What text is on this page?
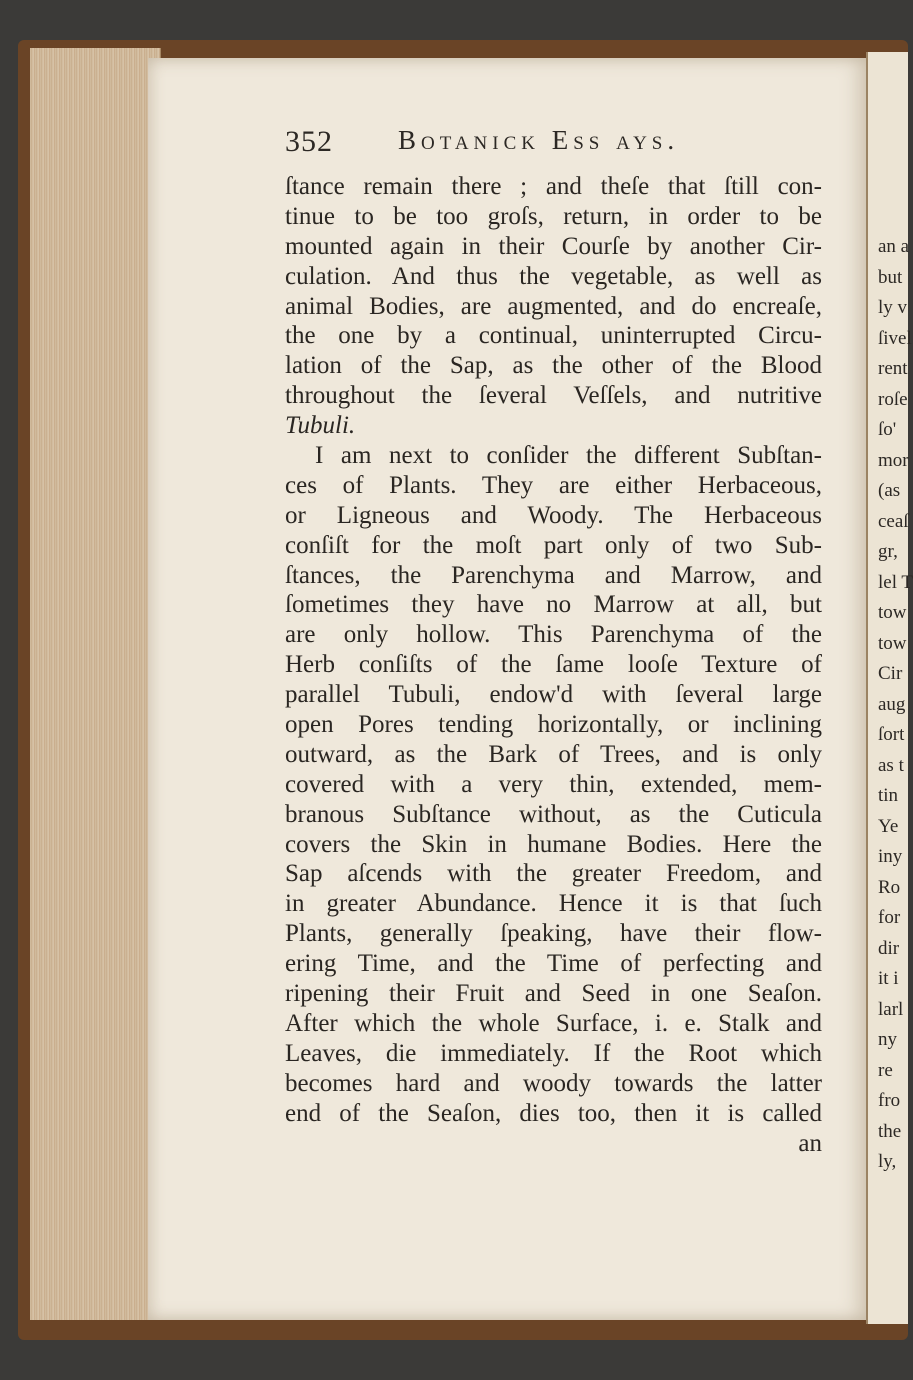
an a
but
ly v
ſivel
rent
roſe
ſo'
mor
(as
ceaſ
gr,
lel T
tow
tow
Cir
aug
ſort
as t
tin
Ye
iny
Ro
for
dir
it i
larl
ny
re
fro
the
ly,
352 Botanick Ess ays.
ſtance remain there ; and theſe that ſtill con-
tinue to be too groſs, return, in order to be
mounted again in their Courſe by another Cir-
culation. And thus the vegetable, as well as
animal Bodies, are augmented, and do encreaſe,
the one by a continual, uninterrupted Circu-
lation of the Sap, as the other of the Blood
throughout the ſeveral Veſſels, and nutritive
Tubuli.
I am next to conſider the different Subſtan-
ces of Plants. They are either Herbaceous,
or Ligneous and Woody. The Herbaceous
conſiſt for the moſt part only of two Sub-
ſtances, the Parenchyma and Marrow, and
ſometimes they have no Marrow at all, but
are only hollow. This Parenchyma of the
Herb conſiſts of the ſame looſe Texture of
parallel Tubuli, endow'd with ſeveral large
open Pores tending horizontally, or inclining
outward, as the Bark of Trees, and is only
covered with a very thin, extended, mem-
branous Subſtance without, as the Cuticula
covers the Skin in humane Bodies. Here the
Sap aſcends with the greater Freedom, and
in greater Abundance. Hence it is that ſuch
Plants, generally ſpeaking, have their flow-
ering Time, and the Time of perfecting and
ripening their Fruit and Seed in one Seaſon.
After which the whole Surface, i. e. Stalk and
Leaves, die immediately. If the Root which
becomes hard and woody towards the latter
end of the Seaſon, dies too, then it is called
an
